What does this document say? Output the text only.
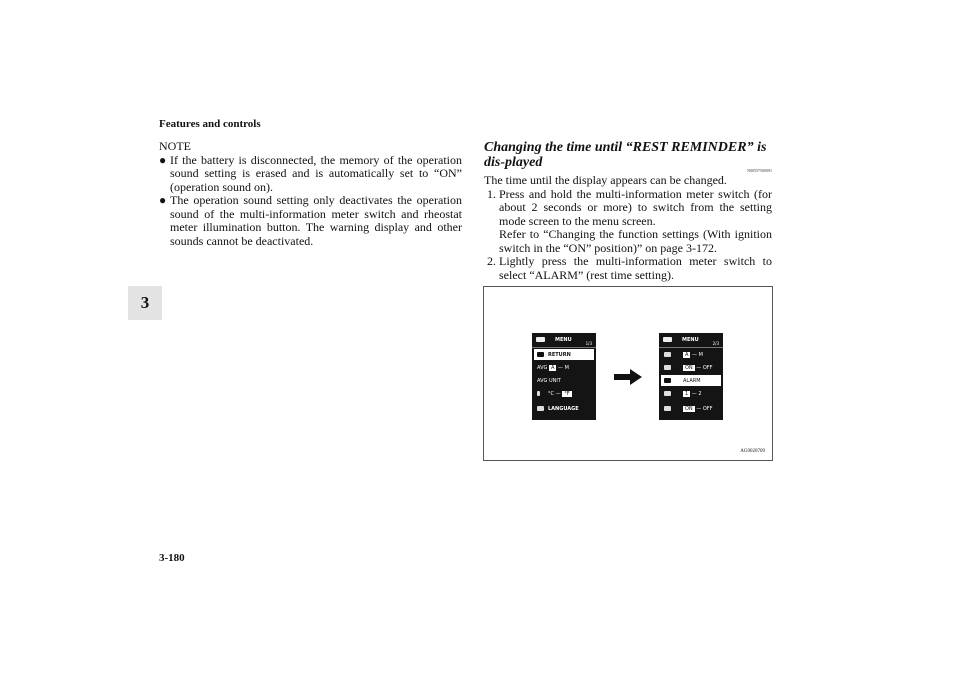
Features and controls
3

NOTE

● If the battery is disconnected, the memory of the operation sound setting is erased and is automatically set to “ON” (operation sound on).
● The operation sound setting only deactivates the operation sound of the multi-information meter switch and rheostat meter illumination button. The warning display and other sounds cannot be deactivated.
Changing the time until “REST REMINDER” is dis-played
N00557500091

The time until the display appears can be changed.

1. Press and hold the multi-information meter switch (for about 2 seconds or more) to switch from the setting mode screen to the menu screen.
Refer to “Changing the function settings (With ignition switch in the “ON” position)” on page 3-172.
2. Lightly press the multi-information meter switch to select “ALARM” (rest time setting).
MENU
1/3
RETURN
AVG A — M
AVG UNIT
°C — °F
LANGUAGE
MENU
2/3
A — M
ON — OFF
ALARM
1 — 2
ON — OFF
AG0020709
3-180
